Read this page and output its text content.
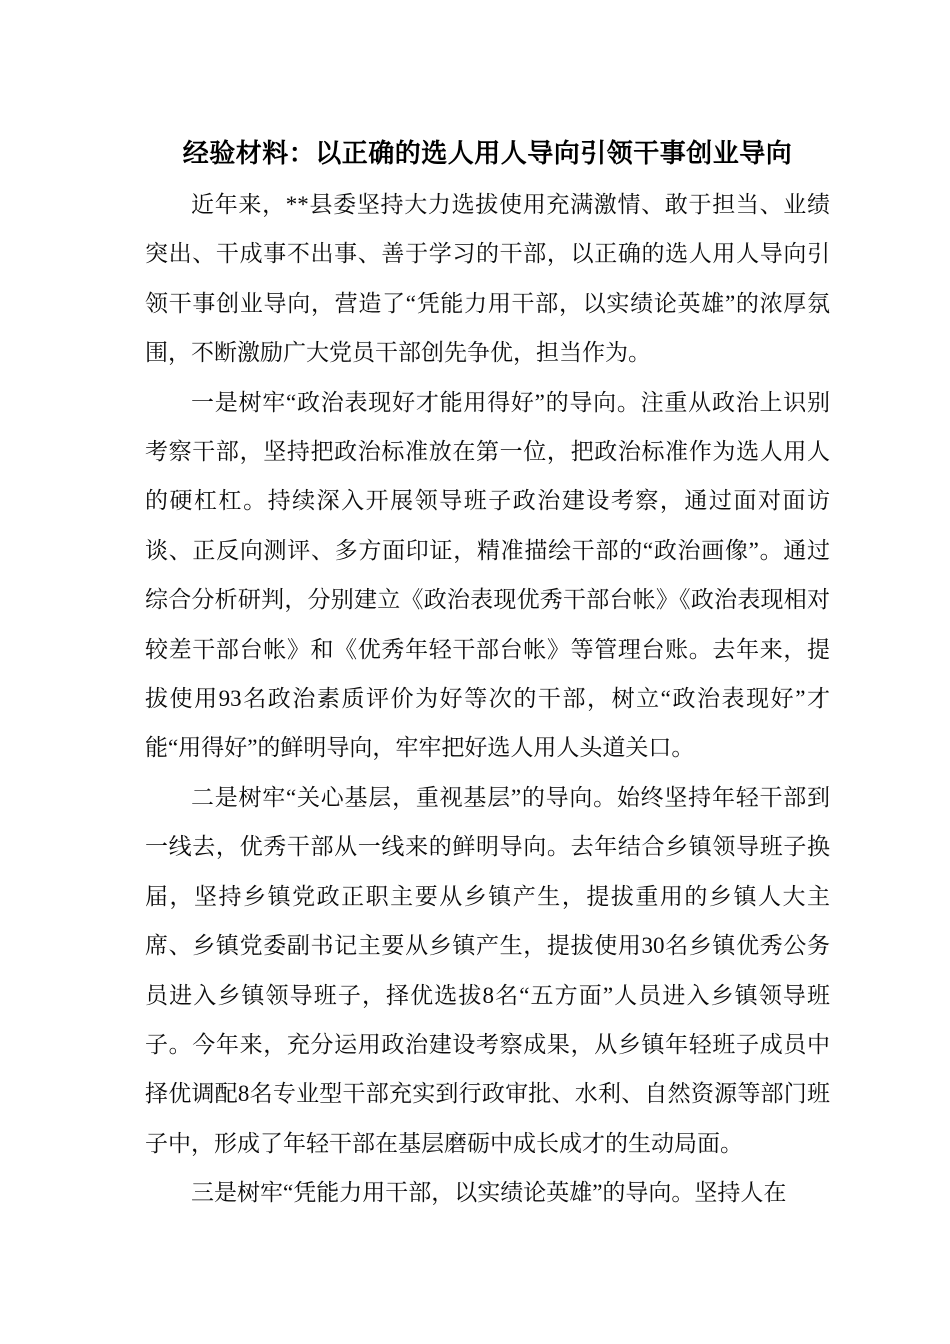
经验材料：以正确的选人用人导向引领干事创业导向

近年来，**县委坚持大力选拔使用充满激情、敢于担当、业绩突出、干成事不出事、善于学习的干部，以正确的选人用人导向引领干事创业导向，营造了“凭能力用干部，以实绩论英雄”的浓厚氛围，不断激励广大党员干部创先争优，担当作为。

一是树牢“政治表现好才能用得好”的导向。注重从政治上识别考察干部，坚持把政治标准放在第一位，把政治标准作为选人用人的硬杠杠。持续深入开展领导班子政治建设考察，通过面对面访谈、正反向测评、多方面印证，精准描绘干部的“政治画像”。通过综合分析研判，分别建立《政治表现优秀干部台帐》《政治表现相对较差干部台帐》和《优秀年轻干部台帐》等管理台账。去年来，提拔使用93名政治素质评价为好等次的干部，树立“政治表现好”才能“用得好”的鲜明导向，牢牢把好选人用人头道关口。

二是树牢“关心基层，重视基层”的导向。始终坚持年轻干部到一线去，优秀干部从一线来的鲜明导向。去年结合乡镇领导班子换届，坚持乡镇党政正职主要从乡镇产生，提拔重用的乡镇人大主席、乡镇党委副书记主要从乡镇产生，提拔使用30名乡镇优秀公务员进入乡镇领导班子，择优选拔8名“五方面”人员进入乡镇领导班子。今年来，充分运用政治建设考察成果，从乡镇年轻班子成员中择优调配8名专业型干部充实到行政审批、水利、自然资源等部门班子中，形成了年轻干部在基层磨砺中成长成才的生动局面。

三是树牢“凭能力用干部，以实绩论英雄”的导向。坚持人在
